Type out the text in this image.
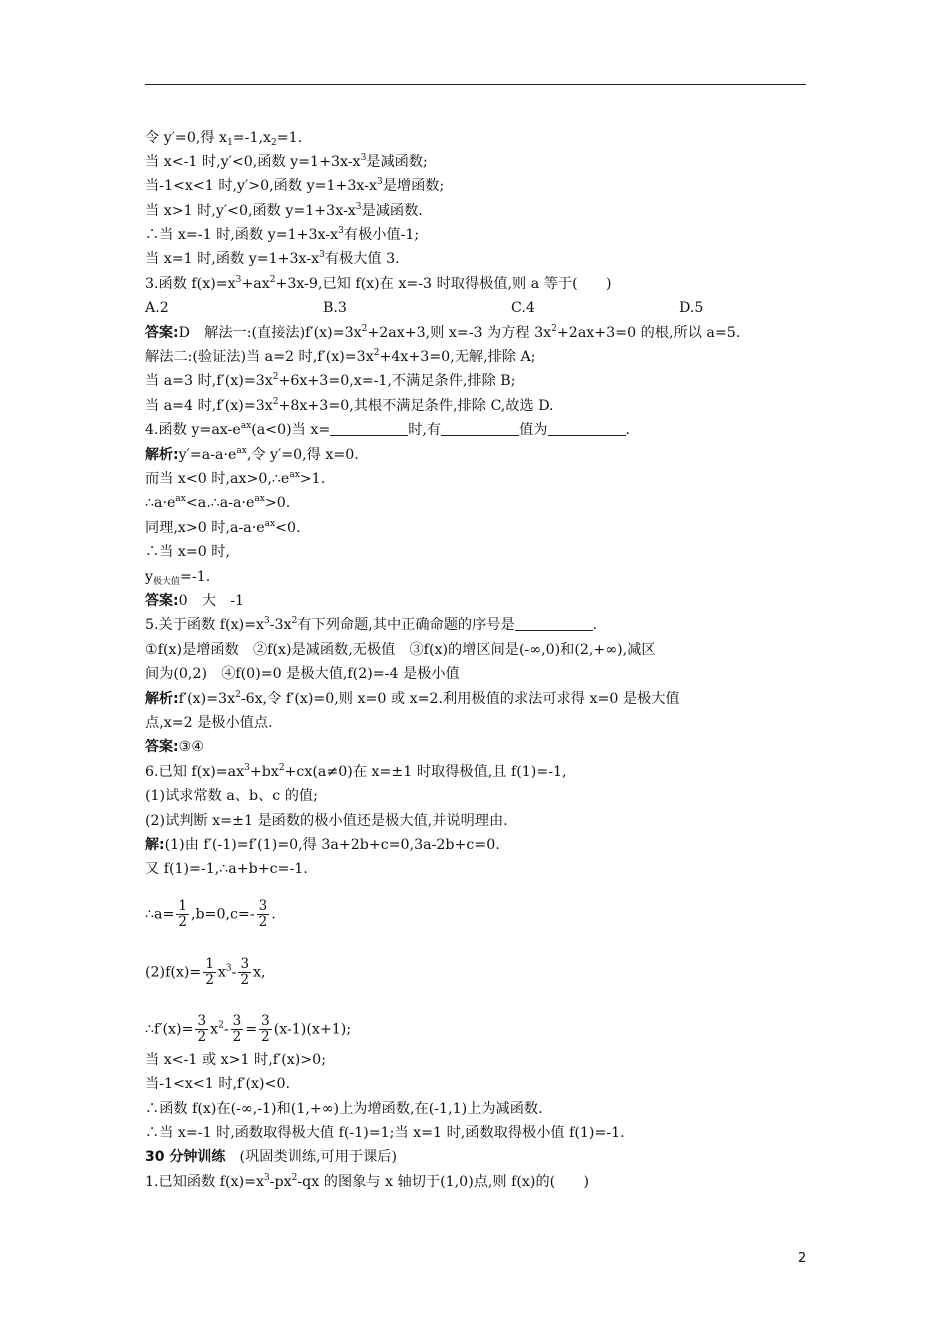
令 y′=0,得 $x_1=-1,x_2=1$.
当 x<-1 时,y′<0,函数 $y=1+3x-x^3$是减函数;
当-1<x<1 时,y′>0,函数 $y=1+3x-x^3$是增函数;
当 x>1 时,y′<0,函数 $y=1+3x-x^3$是减函数.
∴当 x=-1 时,函数 $y=1+3x-x^3$有极小值-1;
当 x=1 时,函数 $y=1+3x-x^3$有极大值 3.
3.函数 $f(x)=x^3+ax^2+3x-9$,已知 f(x)在 x=-3 时取得极值,则 a 等于(　　)
A.2	B.3	C.4	D.5
答案:D　解法一:(直接法)$f'(x)=3x^2+2ax+3$,则 x=-3 为方程 $3x^2+2ax+3=0$ 的根,所以 a=5.
解法二:(验证法)当 a=2 时$,f'(x)=3x^2+4x+3=0$,无解,排除 A;
当 a=3 时$,f'(x)=3x^2+6x+3=0,x=-1$,不满足条件,排除 B;
当 a=4 时$,f'(x)=3x^2+8x+3=0$,其根不满足条件,排除 C,故选 D.
4.函数 $y=ax-e^{ax}(a<0)$当 x=	时,有	值为	.
解析$:y'=a-a\cdot e^{ax}$,令 y′=0,得 x=0.
而当 x<0 时$,ax>0,\therefore e^{ax}>1$.
$\therefore a\cdot e^{ax}<a.\therefore a-a\cdot e^{ax}>0$.
同理,x>0 时$,a-a\cdot e^{ax}<0$.
∴当 x=0 时,
$y_{极大值}=-1$.
答案:0　大　-1
5.关于函数 $f(x)=x^3-3x^2$有下列命题,其中正确命题的序号是	.
①f(x)是增函数　②f(x)是减函数,无极值　③f(x)的增区间是(-∞,0)和(2,+∞),减区
间为(0,2)　④f(0)=0 是极大值,f(2)=-4 是极小值
解析$:f'(x)=3x^2-6x$,令 f′(x)=0,则 x=0 或 x=2.利用极值的求法可求得 x=0 是极大值
点,x=2 是极小值点.
答案:③④
6.已知 $f(x)=ax^3+bx^2+cx(a\ne 0)$在 x=±1 时取得极值,且 f(1)=-1,
(1)试求常数 a、b、c 的值;
(2)试判断 x=±1 是函数的极小值还是极大值,并说明理由.
解:(1)由 f′(-1)=f′(1)=0,得 3a+2b+c=0,3a-2b+c=0.
又 f(1)=-1,∴a+b+c=-1.
∴a= $\frac{1}{2} ,b=0,c=- \frac{3}{2}$ .
$(2)f(x)= \frac{1}{2} x^3- \frac{3}{2} x$,
∴f′(x)= $\frac{3}{2} x^2- \frac{3}{2} = \frac{3}{2} (x-1)(x+1)$;
当 x<-1 或 x>1 时,f′(x)>0;
当-1<x<1 时,f′(x)<0.
∴函数 f(x)在(-∞,-1)和(1,+∞)上为增函数,在(-1,1)上为减函数.
∴当 x=-1 时,函数取得极大值 f(-1)=1;当 x=1 时,函数取得极小值 f(1)=-1.
30 分钟训练　(巩固类训练,可用于课后)
1.已知函数 $f(x)=x^3-px^2-qx$ 的图象与 x 轴切于(1,0)点,则 f(x)的(　　)
2
